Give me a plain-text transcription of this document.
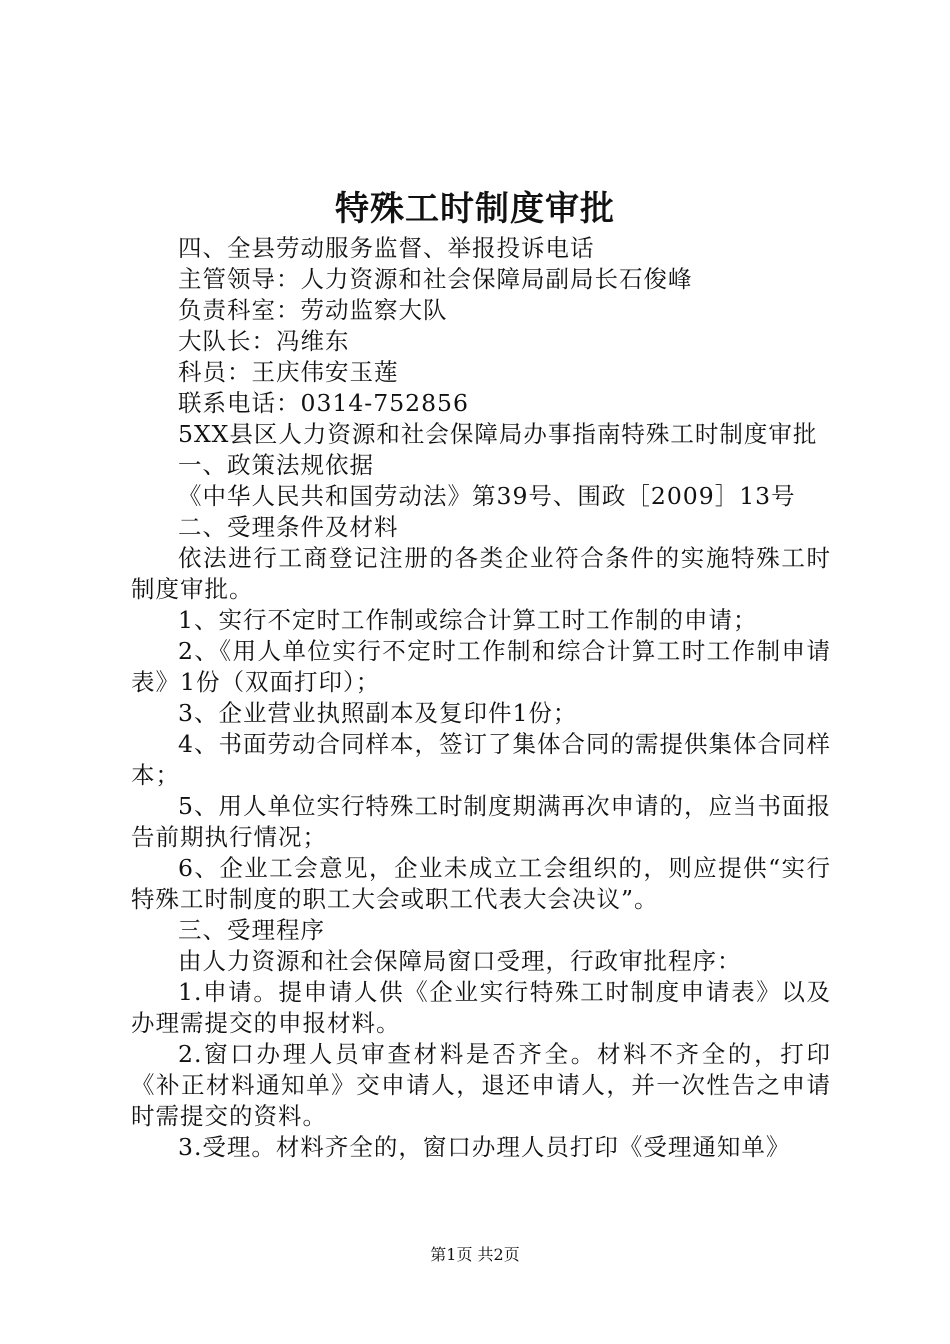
特殊工时制度审批

四、全县劳动服务监督、举报投诉电话

主管领导：人力资源和社会保障局副局长石俊峰

负责科室：劳动监察大队

大队长：冯维东

科员：王庆伟安玉莲

联系电话：0314-752856

5XX县区人力资源和社会保障局办事指南特殊工时制度审批

一、政策法规依据

《中华人民共和国劳动法》第39号、围政［2009］13号

二、受理条件及材料

依法进行工商登记注册的各类企业符合条件的实施特殊工时制度审批。

1、实行不定时工作制或综合计算工时工作制的申请；

2、《用人单位实行不定时工作制和综合计算工时工作制申请表》1份（双面打印）；

3、企业营业执照副本及复印件1份；

4、书面劳动合同样本，签订了集体合同的需提供集体合同样本；

5、用人单位实行特殊工时制度期满再次申请的，应当书面报告前期执行情况；

6、企业工会意见，企业未成立工会组织的，则应提供“实行特殊工时制度的职工大会或职工代表大会决议”。

三、受理程序

由人力资源和社会保障局窗口受理，行政审批程序：

1.申请。提申请人供《企业实行特殊工时制度申请表》以及办理需提交的申报材料。

2.窗口办理人员审查材料是否齐全。材料不齐全的，打印《补正材料通知单》交申请人，退还申请人，并一次性告之申请时需提交的资料。

3.受理。材料齐全的，窗口办理人员打印《受理通知单》

第1页 共2页
